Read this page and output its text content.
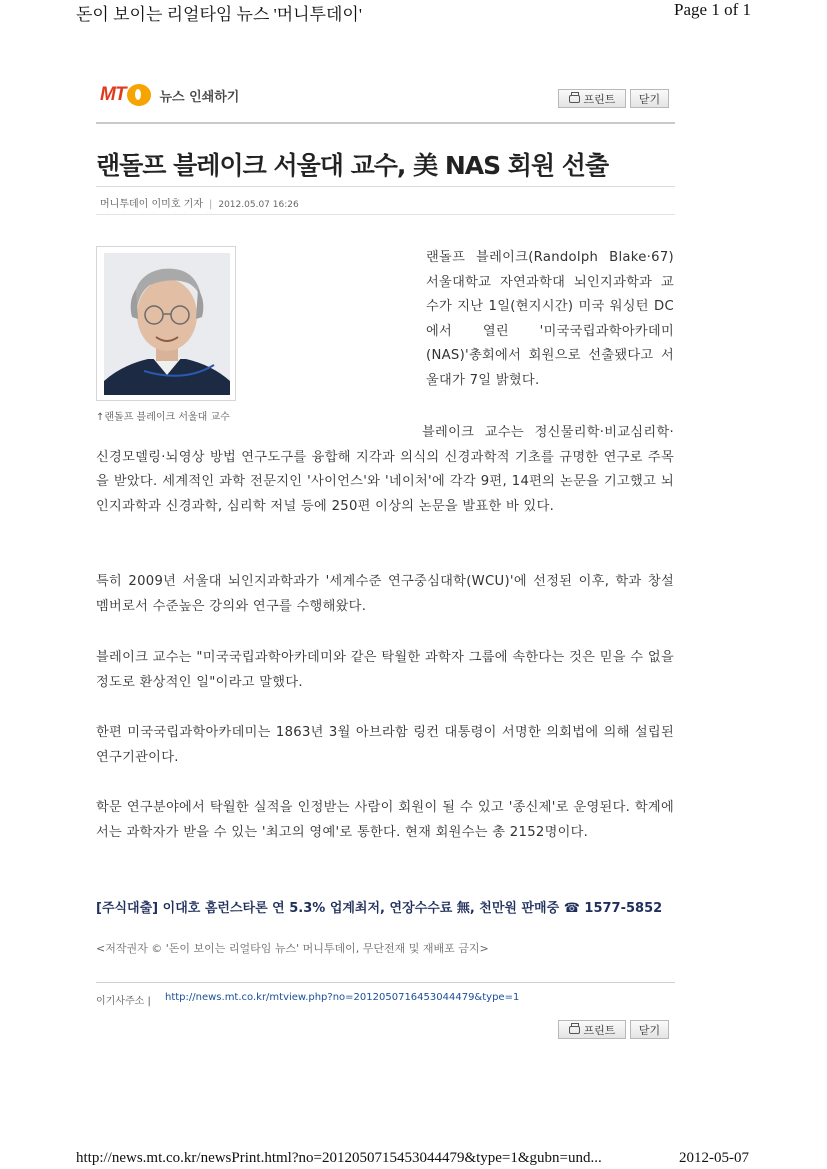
돈이 보이는 리얼타임 뉴스 '머니투데이'	Page 1 of 1
MT	뉴스 인쇄하기	프린트 닫기
랜돌프 블레이크 서울대 교수, 美 NAS 회원 선출
머니투데이 이미호 기자 | 2012.05.07 16:26
↑랜돌프 블레이크 서울대 교수
랜돌프 블레이크(Randolph Blake·67) 서울대학교 자연과학대 뇌인지과학과 교수가 지난 1일(현지시간) 미국 워싱턴 DC에서 열린 '미국국립과학아카데미(NAS)'총회에서 회원으로 선출됐다고 서울대가 7일 밝혔다.
블레이크 교수는 정신물리학·비교심리학·신경모델링·뇌영상 방법 연구도구를 융합해 지각과 의식의 신경과학적 기초를 규명한 연구로 주목을 받았다. 세계적인 과학 전문지인 '사이언스'와 '네이처'에 각각 9편, 14편의 논문을 기고했고 뇌인지과학과 신경과학, 심리학 저널 등에 250편 이상의 논문을 발표한 바 있다.
특히 2009년 서울대 뇌인지과학과가 '세계수준 연구중심대학(WCU)'에 선정된 이후, 학과 창설 멤버로서 수준높은 강의와 연구를 수행해왔다.
블레이크 교수는 "미국국립과학아카데미와 같은 탁월한 과학자 그룹에 속한다는 것은 믿을 수 없을 정도로 환상적인 일"이라고 말했다.
한편 미국국립과학아카데미는 1863년 3월 아브라함 링컨 대통령이 서명한 의회법에 의해 설립된 연구기관이다.
학문 연구분야에서 탁월한 실적을 인정받는 사람이 회원이 될 수 있고 '종신제'로 운영된다. 학계에서는 과학자가 받을 수 있는 '최고의 영예'로 통한다. 현재 회원수는 총 2152명이다.
[주식대출] 이대호 홈런스타론 연 5.3% 업계최저, 연장수수료 無, 천만원 판매중 ☎ 1577-5852
<저작권자 © '돈이 보이는 리얼타임 뉴스' 머니투데이, 무단전재 및 재배포 금지>
이기사주소 | http://news.mt.co.kr/mtview.php?no=2012050716453044479&type=1
프린트 닫기
http://news.mt.co.kr/newsPrint.html?no=2012050715453044479&type=1&gubn=und...	2012-05-07
